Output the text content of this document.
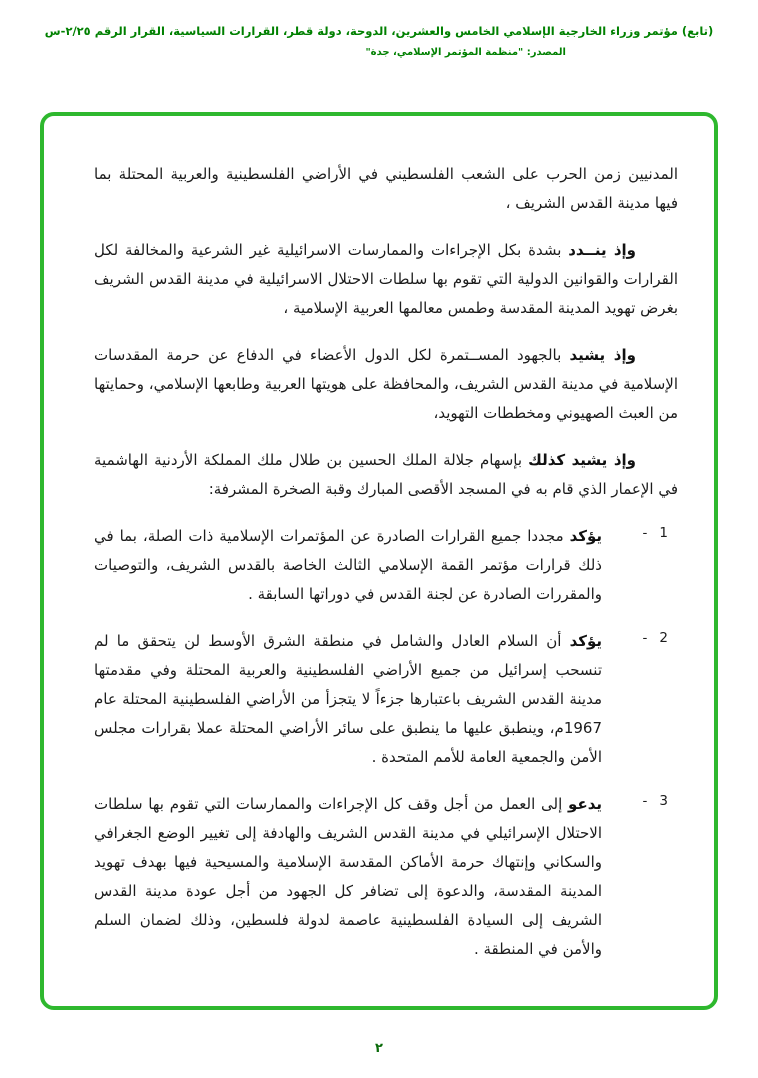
(تابع) مؤتمر وزراء الخارجية الإسلامي الخامس والعشرين، الدوحة، دولة قطر، القرارات السياسية، القرار الرقم ٢/٢٥-س
المصدر: "منظمة المؤتمر الإسلامي، جدة"

المدنيين زمن الحرب على الشعب الفلسطيني في الأراضي الفلسطينية والعربية المحتلة بما فيها مدينة القدس الشريف ،

وإذ ينــدد بشدة بكل الإجراءات والممارسات الاسرائيلية غير الشرعية والمخالفة لكل القرارات والقوانين الدولية التي تقوم بها سلطات الاحتلال الاسرائيلية في مدينة القدس الشريف بغرض تهويد المدينة المقدسة وطمس معالمها العربية الإسلامية ،

وإذ يشيد بالجهود المســتمرة لكل الدول الأعضاء في الدفاع عن حرمة المقدسات الإسلامية في مدينة القدس الشريف، والمحافظة على هويتها العربية وطابعها الإسلامي، وحمايتها من العبث الصهيوني ومخططات التهويد،

وإذ يشيد كذلك بإسهام جلالة الملك الحسين بن طلال ملك المملكة الأردنية الهاشمية في الإعمار الذي قام به في المسجد الأقصى المبارك وقبة الصخرة المشرفة:

1
-
يؤكد مجددا جميع القرارات الصادرة عن المؤتمرات الإسلامية ذات الصلة، بما في ذلك قرارات مؤتمر القمة الإسلامي الثالث الخاصة بالقدس الشريف، والتوصيات والمقررات الصادرة عن لجنة القدس في دوراتها السابقة .
2
-
يؤكد أن السلام العادل والشامل في منطقة الشرق الأوسط لن يتحقق ما لم تنسحب إسرائيل من جميع الأراضي الفلسطينية والعربية المحتلة وفي مقدمتها مدينة القدس الشريف باعتبارها جزءاً لا يتجزأ من الأراضي الفلسطينية المحتلة عام 1967م، وينطبق عليها ما ينطبق على سائر الأراضي المحتلة عملا بقرارات مجلس الأمن والجمعية العامة للأمم المتحدة .
3
-
يدعو إلى العمل من أجل وقف كل الإجراءات والممارسات التي تقوم بها سلطات الاحتلال الإسرائيلي في مدينة القدس الشريف والهادفة إلى تغيير الوضع الجغرافي والسكاني وإنتهاك حرمة الأماكن المقدسة الإسلامية والمسيحية فيها بهدف تهويد المدينة المقدسة، والدعوة إلى تضافر كل الجهود من أجل عودة مدينة القدس الشريف إلى السيادة الفلسطينية عاصمة لدولة فلسطين، وذلك لضمان السلم والأمن في المنطقة .
٢
